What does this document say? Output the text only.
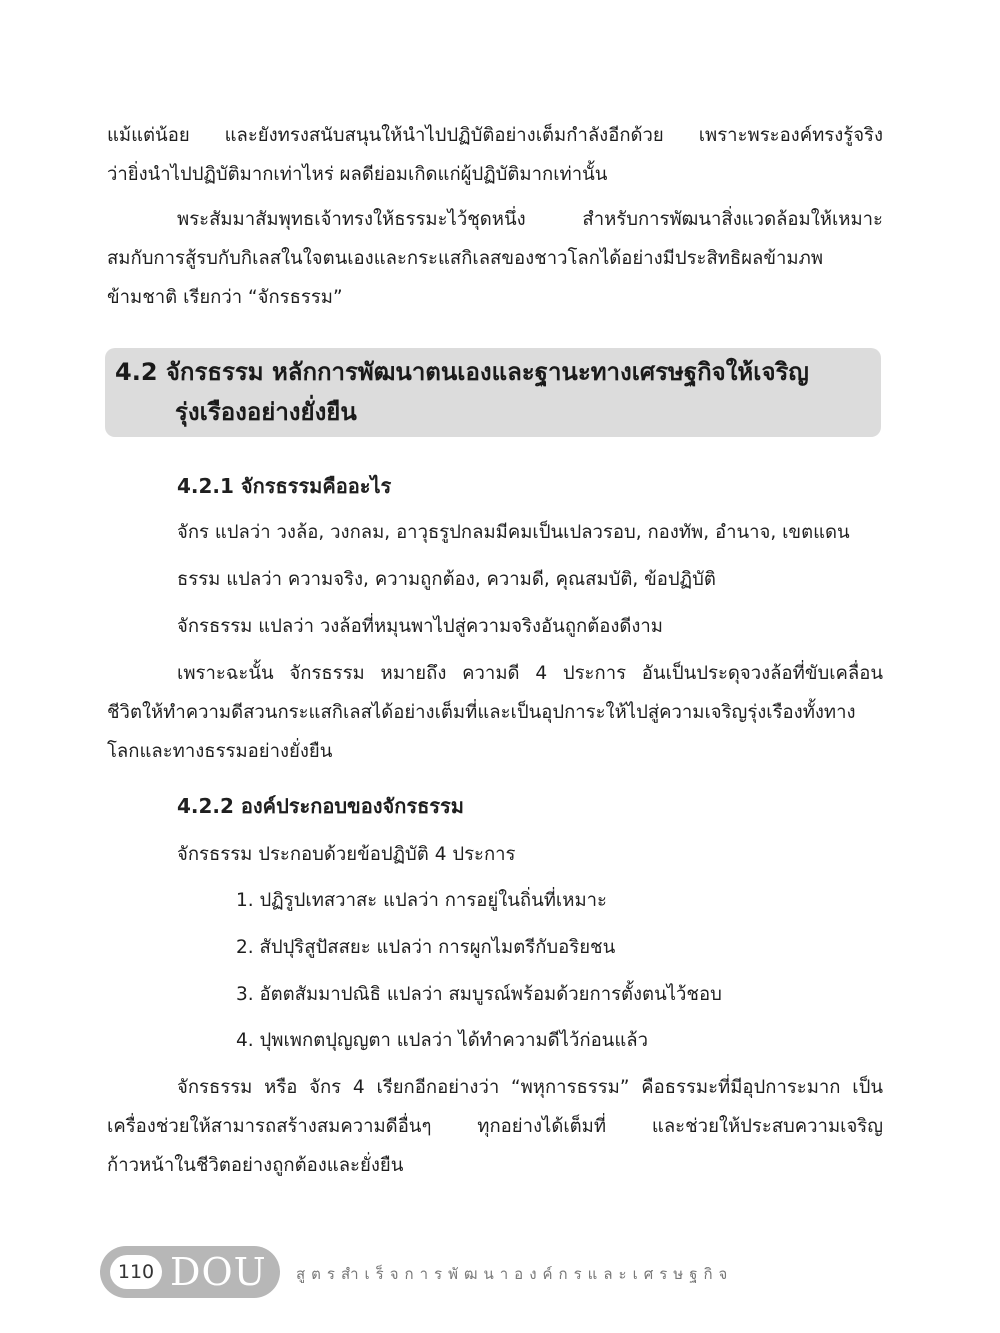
แม้แต่น้อย และยังทรงสนับสนุนให้นำไปปฏิบัติอย่างเต็มกำลังอีกด้วย เพราะพระองค์ทรงรู้จริง
ว่ายิ่งนำไปปฏิบัติมากเท่าไหร่ ผลดีย่อมเกิดแก่ผู้ปฏิบัติมากเท่านั้น
พระสัมมาสัมพุทธเจ้าทรงให้ธรรมะไว้ชุดหนึ่ง สำหรับการพัฒนาสิ่งแวดล้อมให้เหมาะ
สมกับการสู้รบกับกิเลสในใจตนเองและกระแสกิเลสของชาวโลกได้อย่างมีประสิทธิผลข้ามภพ
ข้ามชาติ เรียกว่า “จักรธรรม”
4.2 จักรธรรม หลักการพัฒนาตนเองและฐานะทางเศรษฐกิจให้เจริญ
รุ่งเรืองอย่างยั่งยืน
4.2.1 จักรธรรมคืออะไร
จักร แปลว่า วงล้อ, วงกลม, อาวุธรูปกลมมีคมเป็นเปลวรอบ, กองทัพ, อำนาจ, เขตแดน
ธรรม แปลว่า ความจริง, ความถูกต้อง, ความดี, คุณสมบัติ, ข้อปฏิบัติ
จักรธรรม แปลว่า วงล้อที่หมุนพาไปสู่ความจริงอันถูกต้องดีงาม
เพราะฉะนั้น จักรธรรม หมายถึง ความดี 4 ประการ อันเป็นประดุจวงล้อที่ขับเคลื่อน
ชีวิตให้ทำความดีสวนกระแสกิเลสได้อย่างเต็มที่และเป็นอุปการะให้ไปสู่ความเจริญรุ่งเรืองทั้งทาง
โลกและทางธรรมอย่างยั่งยืน
4.2.2 องค์ประกอบของจักรธรรม
จักรธรรม ประกอบด้วยข้อปฏิบัติ 4 ประการ
1. ปฏิรูปเทสวาสะ แปลว่า การอยู่ในถิ่นที่เหมาะ
2. สัปปุริสูปัสสยะ แปลว่า การผูกไมตรีกับอริยชน
3. อัตตสัมมาปณิธิ แปลว่า สมบูรณ์พร้อมด้วยการตั้งตนไว้ชอบ
4. ปุพเพกตปุญญตา แปลว่า ได้ทำความดีไว้ก่อนแล้ว
จักรธรรม หรือ จักร 4 เรียกอีกอย่างว่า “พหุการธรรม” คือธรรมะที่มีอุปการะมาก เป็น
เครื่องช่วยให้สามารถสร้างสมความดีอื่นๆ ทุกอย่างได้เต็มที่ และช่วยให้ประสบความเจริญ
ก้าวหน้าในชีวิตอย่างถูกต้องและยั่งยืน
110 DOU สูตรสำเร็จการพัฒนาองค์กรและเศรษฐกิจ
